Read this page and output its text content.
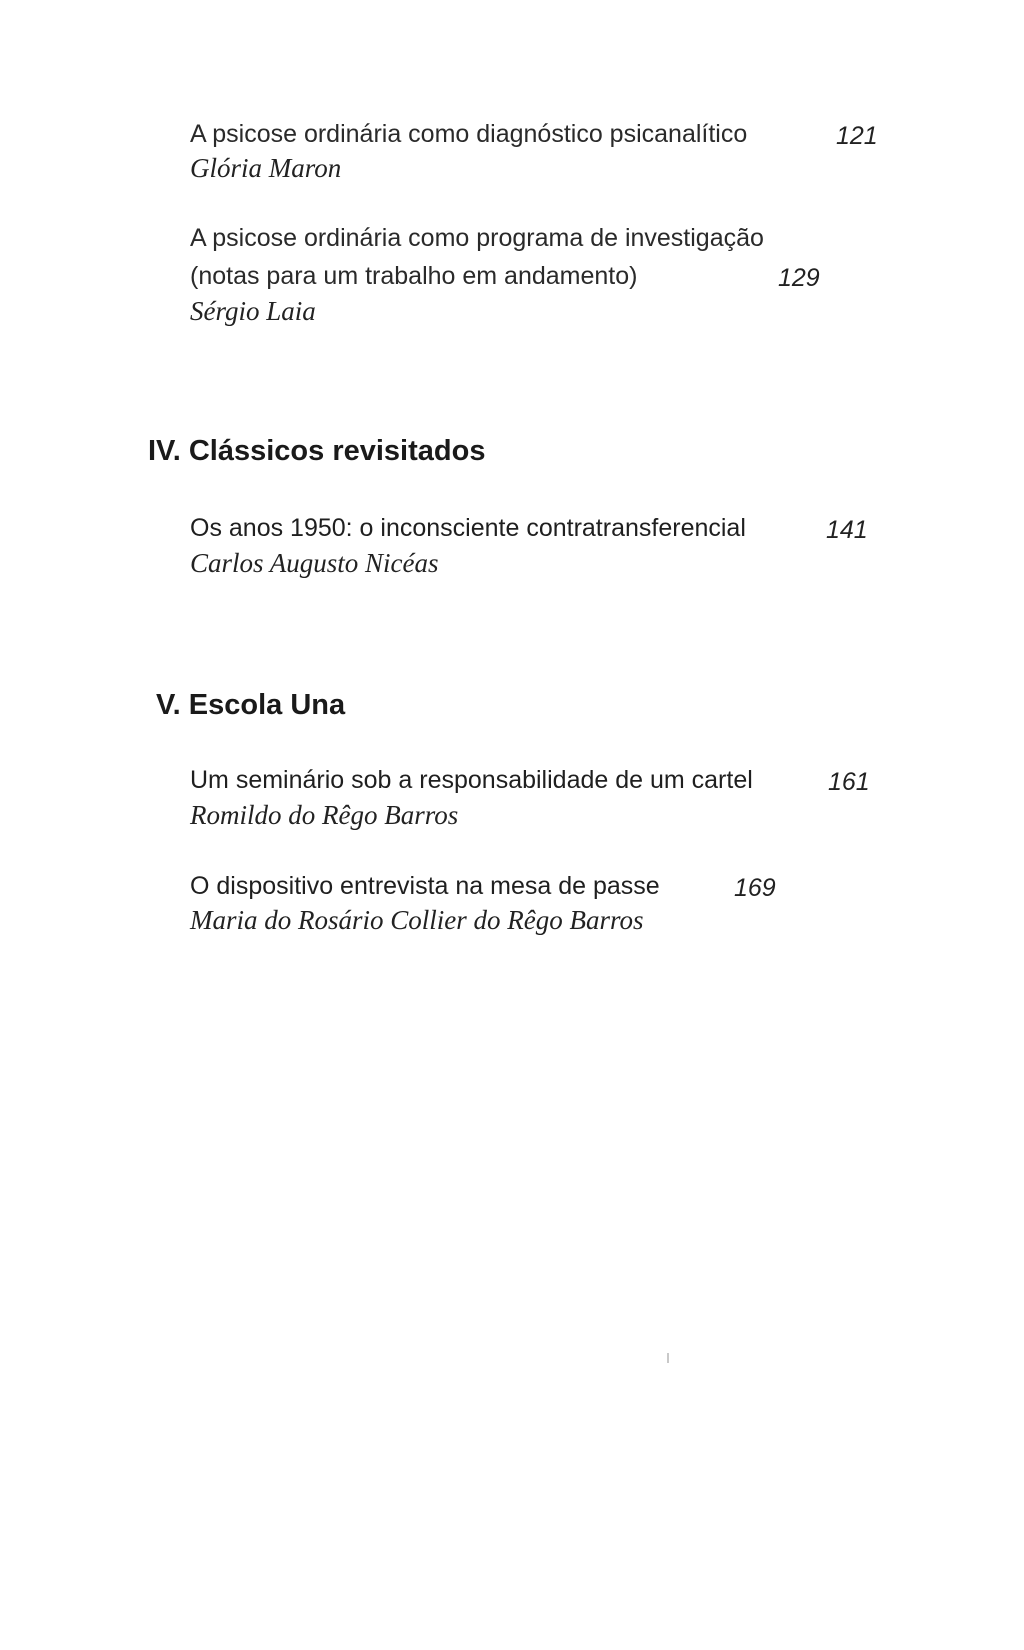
A psicose ordinária como diagnóstico psicanalítico	121
Glória Maron
A psicose ordinária como programa de investigação
(notas para um trabalho em andamento)	129
Sérgio Laia
IV. Clássicos revisitados
Os anos 1950: o inconsciente contratransferencial	141
Carlos Augusto Nicéas
V. Escola Una
Um seminário sob a responsabilidade de um cartel	161
Romildo do Rêgo Barros
O dispositivo entrevista na mesa de passe	169
Maria do Rosário Collier do Rêgo Barros
